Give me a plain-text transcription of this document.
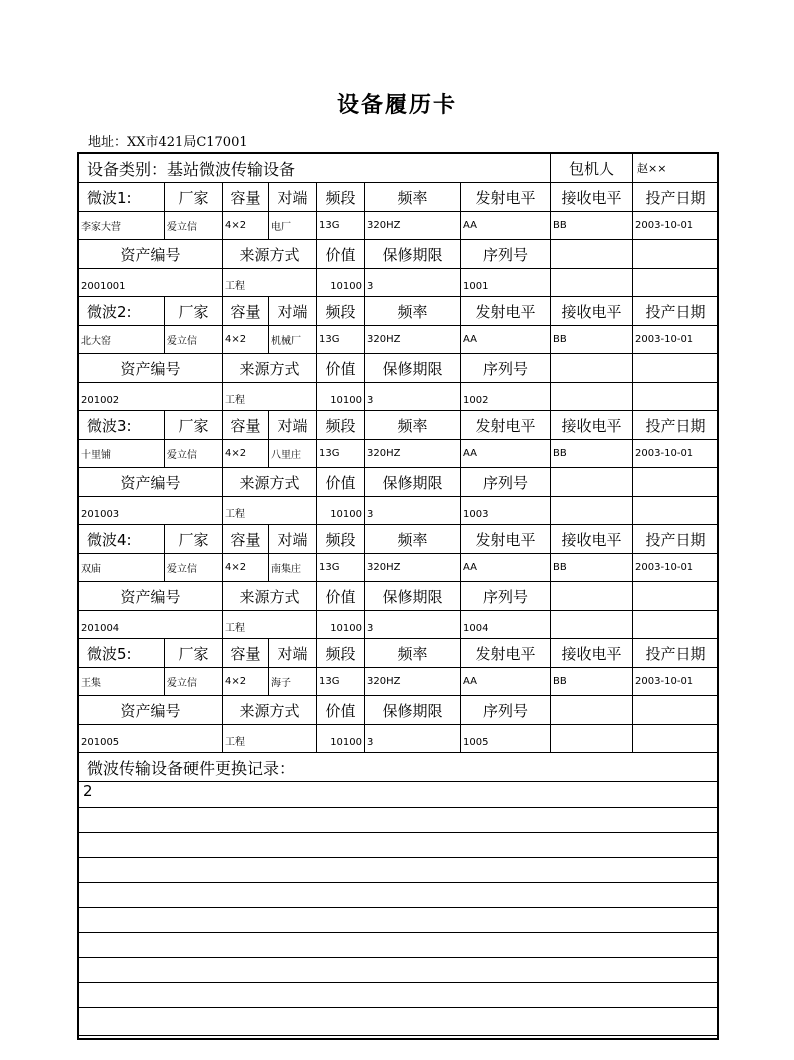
设备履历卡
地址：XX市421局C17001
设备类别：基站微波传输设备							包机人	赵××
微波1:	厂家	容量	对端	频段	频率	发射电平	接收电平	投产日期
李家大营	爱立信	4×2	电厂	13G	320HZ	AA	BB	2003-10-01
资产编号		来源方式		价值	保修期限	序列号		
2001001		工程		10100	3	1001		
微波2:	厂家	容量	对端	频段	频率	发射电平	接收电平	投产日期
北大窑	爱立信	4×2	机械厂	13G	320HZ	AA	BB	2003-10-01
资产编号		来源方式		价值	保修期限	序列号		
201002		工程		10100	3	1002		
微波3:	厂家	容量	对端	频段	频率	发射电平	接收电平	投产日期
十里铺	爱立信	4×2	八里庄	13G	320HZ	AA	BB	2003-10-01
资产编号		来源方式		价值	保修期限	序列号		
201003		工程		10100	3	1003		
微波4:	厂家	容量	对端	频段	频率	发射电平	接收电平	投产日期
双庙	爱立信	4×2	南集庄	13G	320HZ	AA	BB	2003-10-01
资产编号		来源方式		价值	保修期限	序列号		
201004		工程		10100	3	1004		
微波5:	厂家	容量	对端	频段	频率	发射电平	接收电平	投产日期
王集	爱立信	4×2	海子	13G	320HZ	AA	BB	2003-10-01
资产编号		来源方式		价值	保修期限	序列号		
201005		工程		10100	3	1005		
微波传输设备硬件更换记录：								
2								
